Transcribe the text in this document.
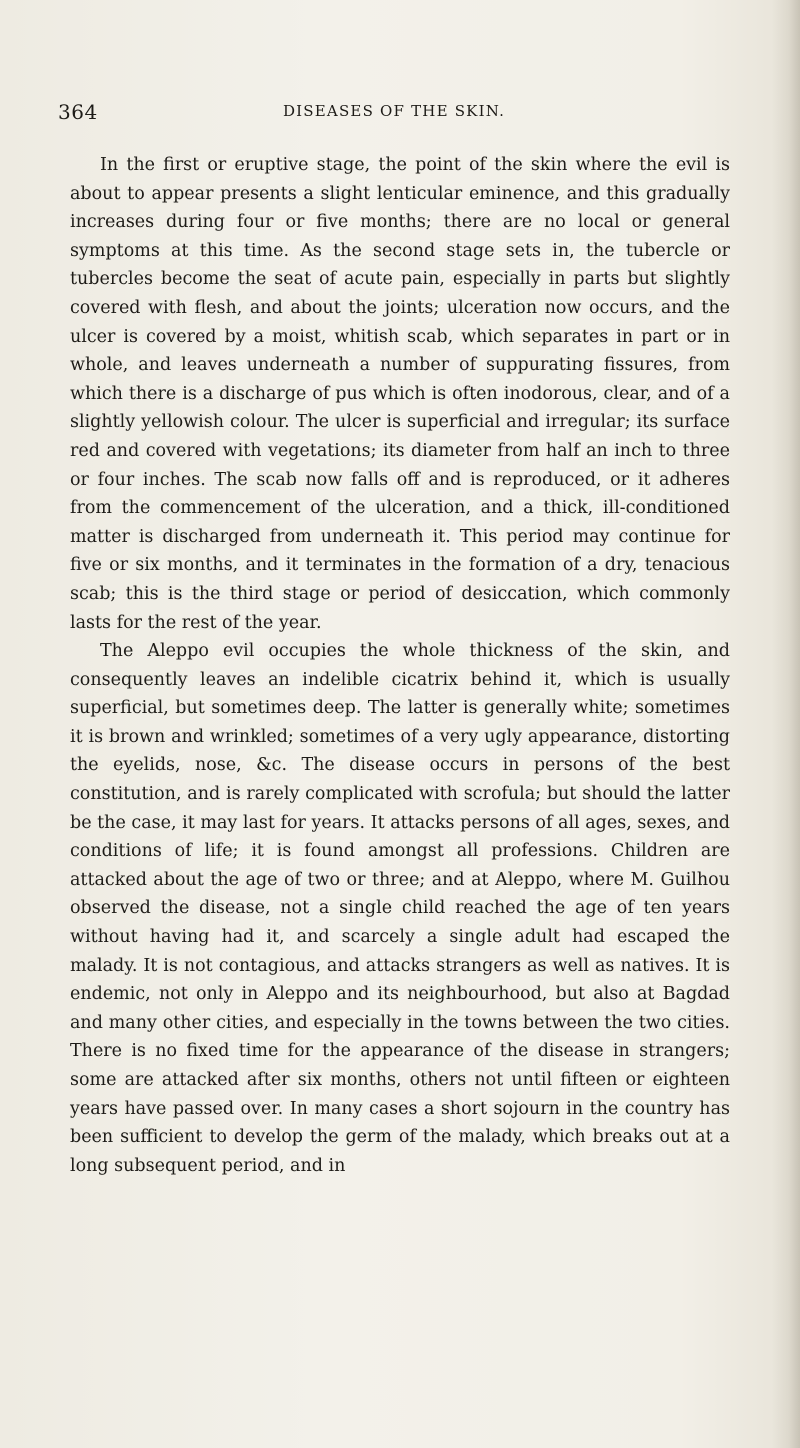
364	DISEASES OF THE SKIN.

In the first or eruptive stage, the point of the skin where the evil is about to appear presents a slight lenticular eminence, and this gradually increases during four or five months; there are no local or general symptoms at this time. As the second stage sets in, the tubercle or tubercles become the seat of acute pain, especially in parts but slightly covered with flesh, and about the joints; ulceration now occurs, and the ulcer is covered by a moist, whitish scab, which separates in part or in whole, and leaves underneath a number of suppurating fissures, from which there is a discharge of pus which is often inodorous, clear, and of a slightly yellowish colour. The ulcer is superficial and irregular; its surface red and covered with vegetations; its diameter from half an inch to three or four inches. The scab now falls off and is reproduced, or it adheres from the commencement of the ulceration, and a thick, ill-conditioned matter is discharged from underneath it. This period may continue for five or six months, and it terminates in the formation of a dry, tenacious scab; this is the third stage or period of desiccation, which commonly lasts for the rest of the year.

The Aleppo evil occupies the whole thickness of the skin, and consequently leaves an indelible cicatrix behind it, which is usually superficial, but sometimes deep. The latter is generally white; sometimes it is brown and wrinkled; sometimes of a very ugly appearance, distorting the eyelids, nose, &c. The disease occurs in persons of the best constitution, and is rarely complicated with scrofula; but should the latter be the case, it may last for years. It attacks persons of all ages, sexes, and conditions of life; it is found amongst all professions. Children are attacked about the age of two or three; and at Aleppo, where M. Guilhou observed the disease, not a single child reached the age of ten years without having had it, and scarcely a single adult had escaped the malady. It is not contagious, and attacks strangers as well as natives. It is endemic, not only in Aleppo and its neighbourhood, but also at Bagdad and many other cities, and especially in the towns between the two cities. There is no fixed time for the appearance of the disease in strangers; some are attacked after six months, others not until fifteen or eighteen years have passed over. In many cases a short sojourn in the country has been sufficient to develop the germ of the malady, which breaks out at a long subsequent period, and in
